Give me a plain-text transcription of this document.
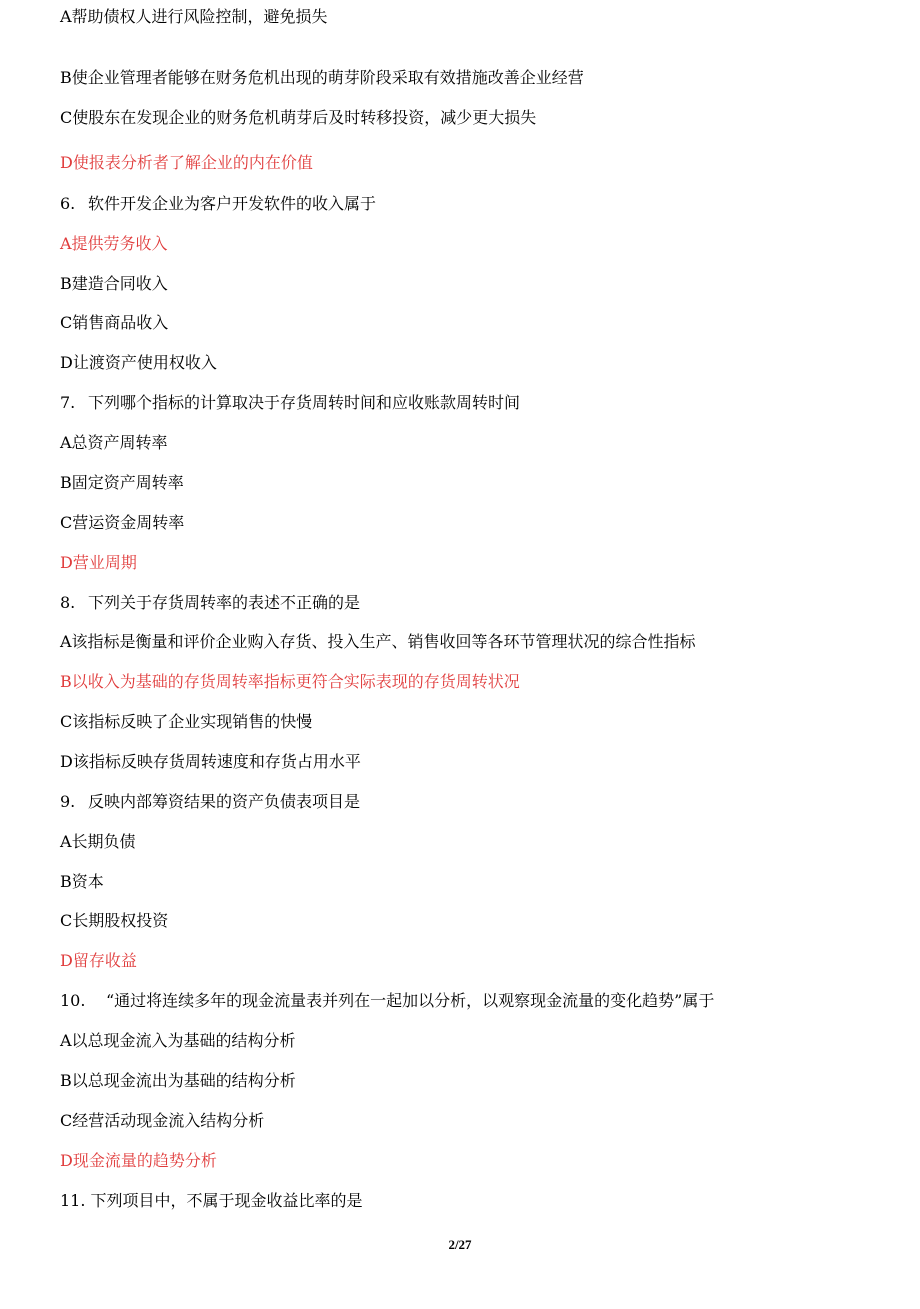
A帮助债权人进行风险控制，避免损失
B使企业管理者能够在财务危机出现的萌芽阶段采取有效措施改善企业经营
C使股东在发现企业的财务危机萌芽后及时转移投资，减少更大损失
D使报表分析者了解企业的内在价值
6. 软件开发企业为客户开发软件的收入属于
A提供劳务收入
B建造合同收入
C销售商品收入
D让渡资产使用权收入
7. 下列哪个指标的计算取决于存货周转时间和应收账款周转时间
A总资产周转率
B固定资产周转率
C营运资金周转率
D营业周期
8. 下列关于存货周转率的表述不正确的是
A该指标是衡量和评价企业购入存货、投入生产、销售收回等各环节管理状况的综合性指标
B以收入为基础的存货周转率指标更符合实际表现的存货周转状况
C该指标反映了企业实现销售的快慢
D该指标反映存货周转速度和存货占用水平
9. 反映内部筹资结果的资产负债表项目是
A长期负债
B资本
C长期股权投资
D留存收益
10. “通过将连续多年的现金流量表并列在一起加以分析，以观察现金流量的变化趋势”属于
A以总现金流入为基础的结构分析
B以总现金流出为基础的结构分析
C经营活动现金流入结构分析
D现金流量的趋势分析
11. 下列项目中，不属于现金收益比率的是
2/27
